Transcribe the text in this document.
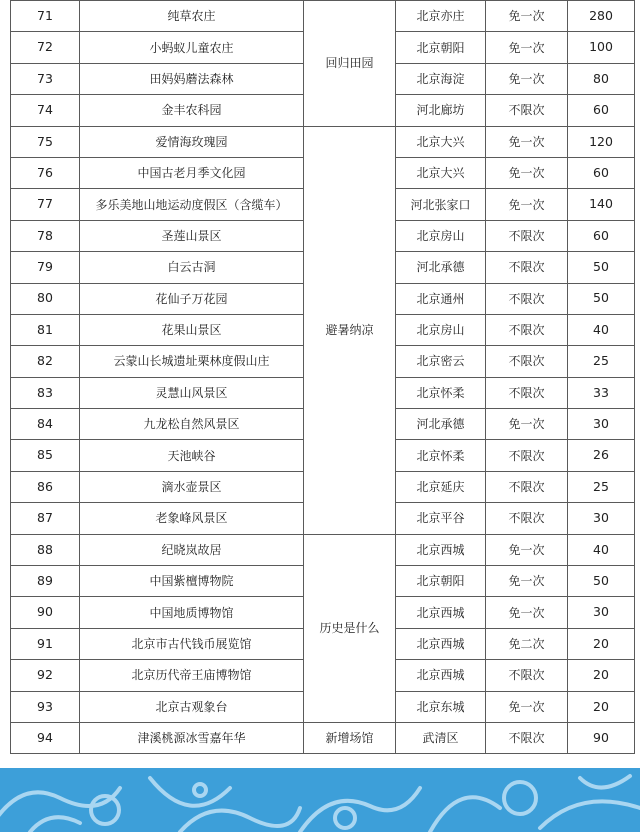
71	纯草农庄	回归田园	北京亦庄	免一次	280
72	小蚂蚁儿童农庄		北京朝阳	免一次	100
73	田妈妈蘑法森林		北京海淀	免一次	80
74	金丰农科园		河北廊坊	不限次	60
75	爱情海玫瑰园	避暑纳凉	北京大兴	免一次	120
76	中国古老月季文化园		北京大兴	免一次	60
77	多乐美地山地运动度假区（含缆车）		河北张家口	免一次	140
78	圣莲山景区		北京房山	不限次	60
79	白云古洞		河北承德	不限次	50
80	花仙子万花园		北京通州	不限次	50
81	花果山景区		北京房山	不限次	40
82	云蒙山长城遗址栗林度假山庄		北京密云	不限次	25
83	灵慧山风景区		北京怀柔	不限次	33
84	九龙松自然风景区		河北承德	免一次	30
85	天池峡谷		北京怀柔	不限次	26
86	滴水壶景区		北京延庆	不限次	25
87	老象峰风景区		北京平谷	不限次	30
88	纪晓岚故居	历史是什么	北京西城	免一次	40
89	中国紫檀博物院		北京朝阳	免一次	50
90	中国地质博物馆		北京西城	免一次	30
91	北京市古代钱币展览馆		北京西城	免二次	20
92	北京历代帝王庙博物馆		北京西城	不限次	20
93	北京古观象台		北京东城	免一次	20
94	津溪桃源冰雪嘉年华	新增场馆	武清区	不限次	90
